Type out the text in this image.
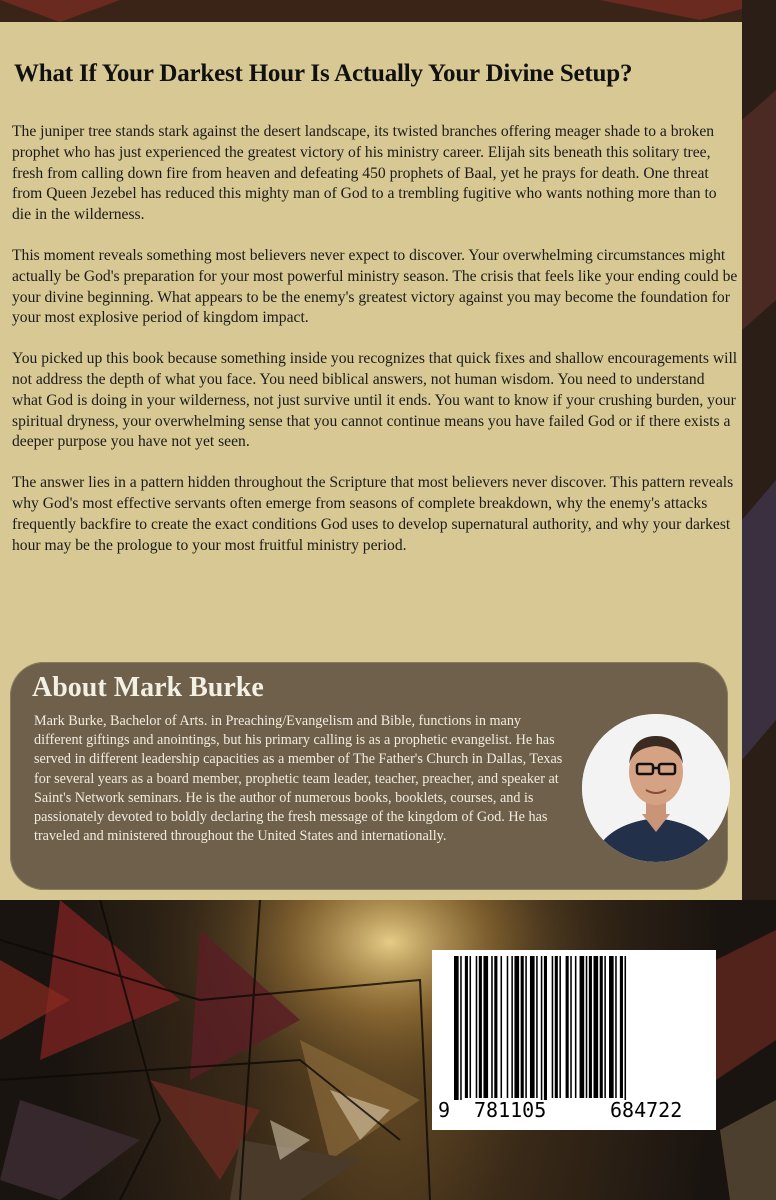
What If Your Darkest Hour Is Actually Your Divine Setup?

The juniper tree stands stark against the desert landscape, its twisted branches offering meager shade to a broken prophet who has just experienced the greatest victory of his ministry career. Elijah sits beneath this solitary tree, fresh from calling down fire from heaven and defeating 450 prophets of Baal, yet he prays for death. One threat from Queen Jezebel has reduced this mighty man of God to a trembling fugitive who wants nothing more than to die in the wilderness.

This moment reveals something most believers never expect to discover. Your overwhelming circumstances might actually be God's preparation for your most powerful ministry season. The crisis that feels like your ending could be your divine beginning. What appears to be the enemy's greatest victory against you may become the foundation for your most explosive period of kingdom impact.

You picked up this book because something inside you recognizes that quick fixes and shallow encouragements will not address the depth of what you face. You need biblical answers, not human wisdom. You need to understand what God is doing in your wilderness, not just survive until it ends. You want to know if your crushing burden, your spiritual dryness, your overwhelming sense that you cannot continue means you have failed God or if there exists a deeper purpose you have not yet seen.

The answer lies in a pattern hidden throughout the Scripture that most believers never discover. This pattern reveals why God's most effective servants often emerge from seasons of complete breakdown, why the enemy's attacks frequently backfire to create the exact conditions God uses to develop supernatural authority, and why your darkest hour may be the prologue to your most fruitful ministry period.

About Mark Burke

Mark Burke, Bachelor of Arts. in Preaching/Evangelism and Bible, functions in many different giftings and anointings, but his primary calling is as a prophetic evangelist. He has served in different leadership capacities as a member of The Father's Church in Dallas, Texas for several years as a board member, prophetic team leader, teacher, preacher, and speaker at Saint's Network seminars. He is the author of numerous books, booklets, courses, and is passionately devoted to boldly declaring the fresh message of the kingdom of God. He has traveled and ministered throughout the United States and internationally.

9 781105	684722
